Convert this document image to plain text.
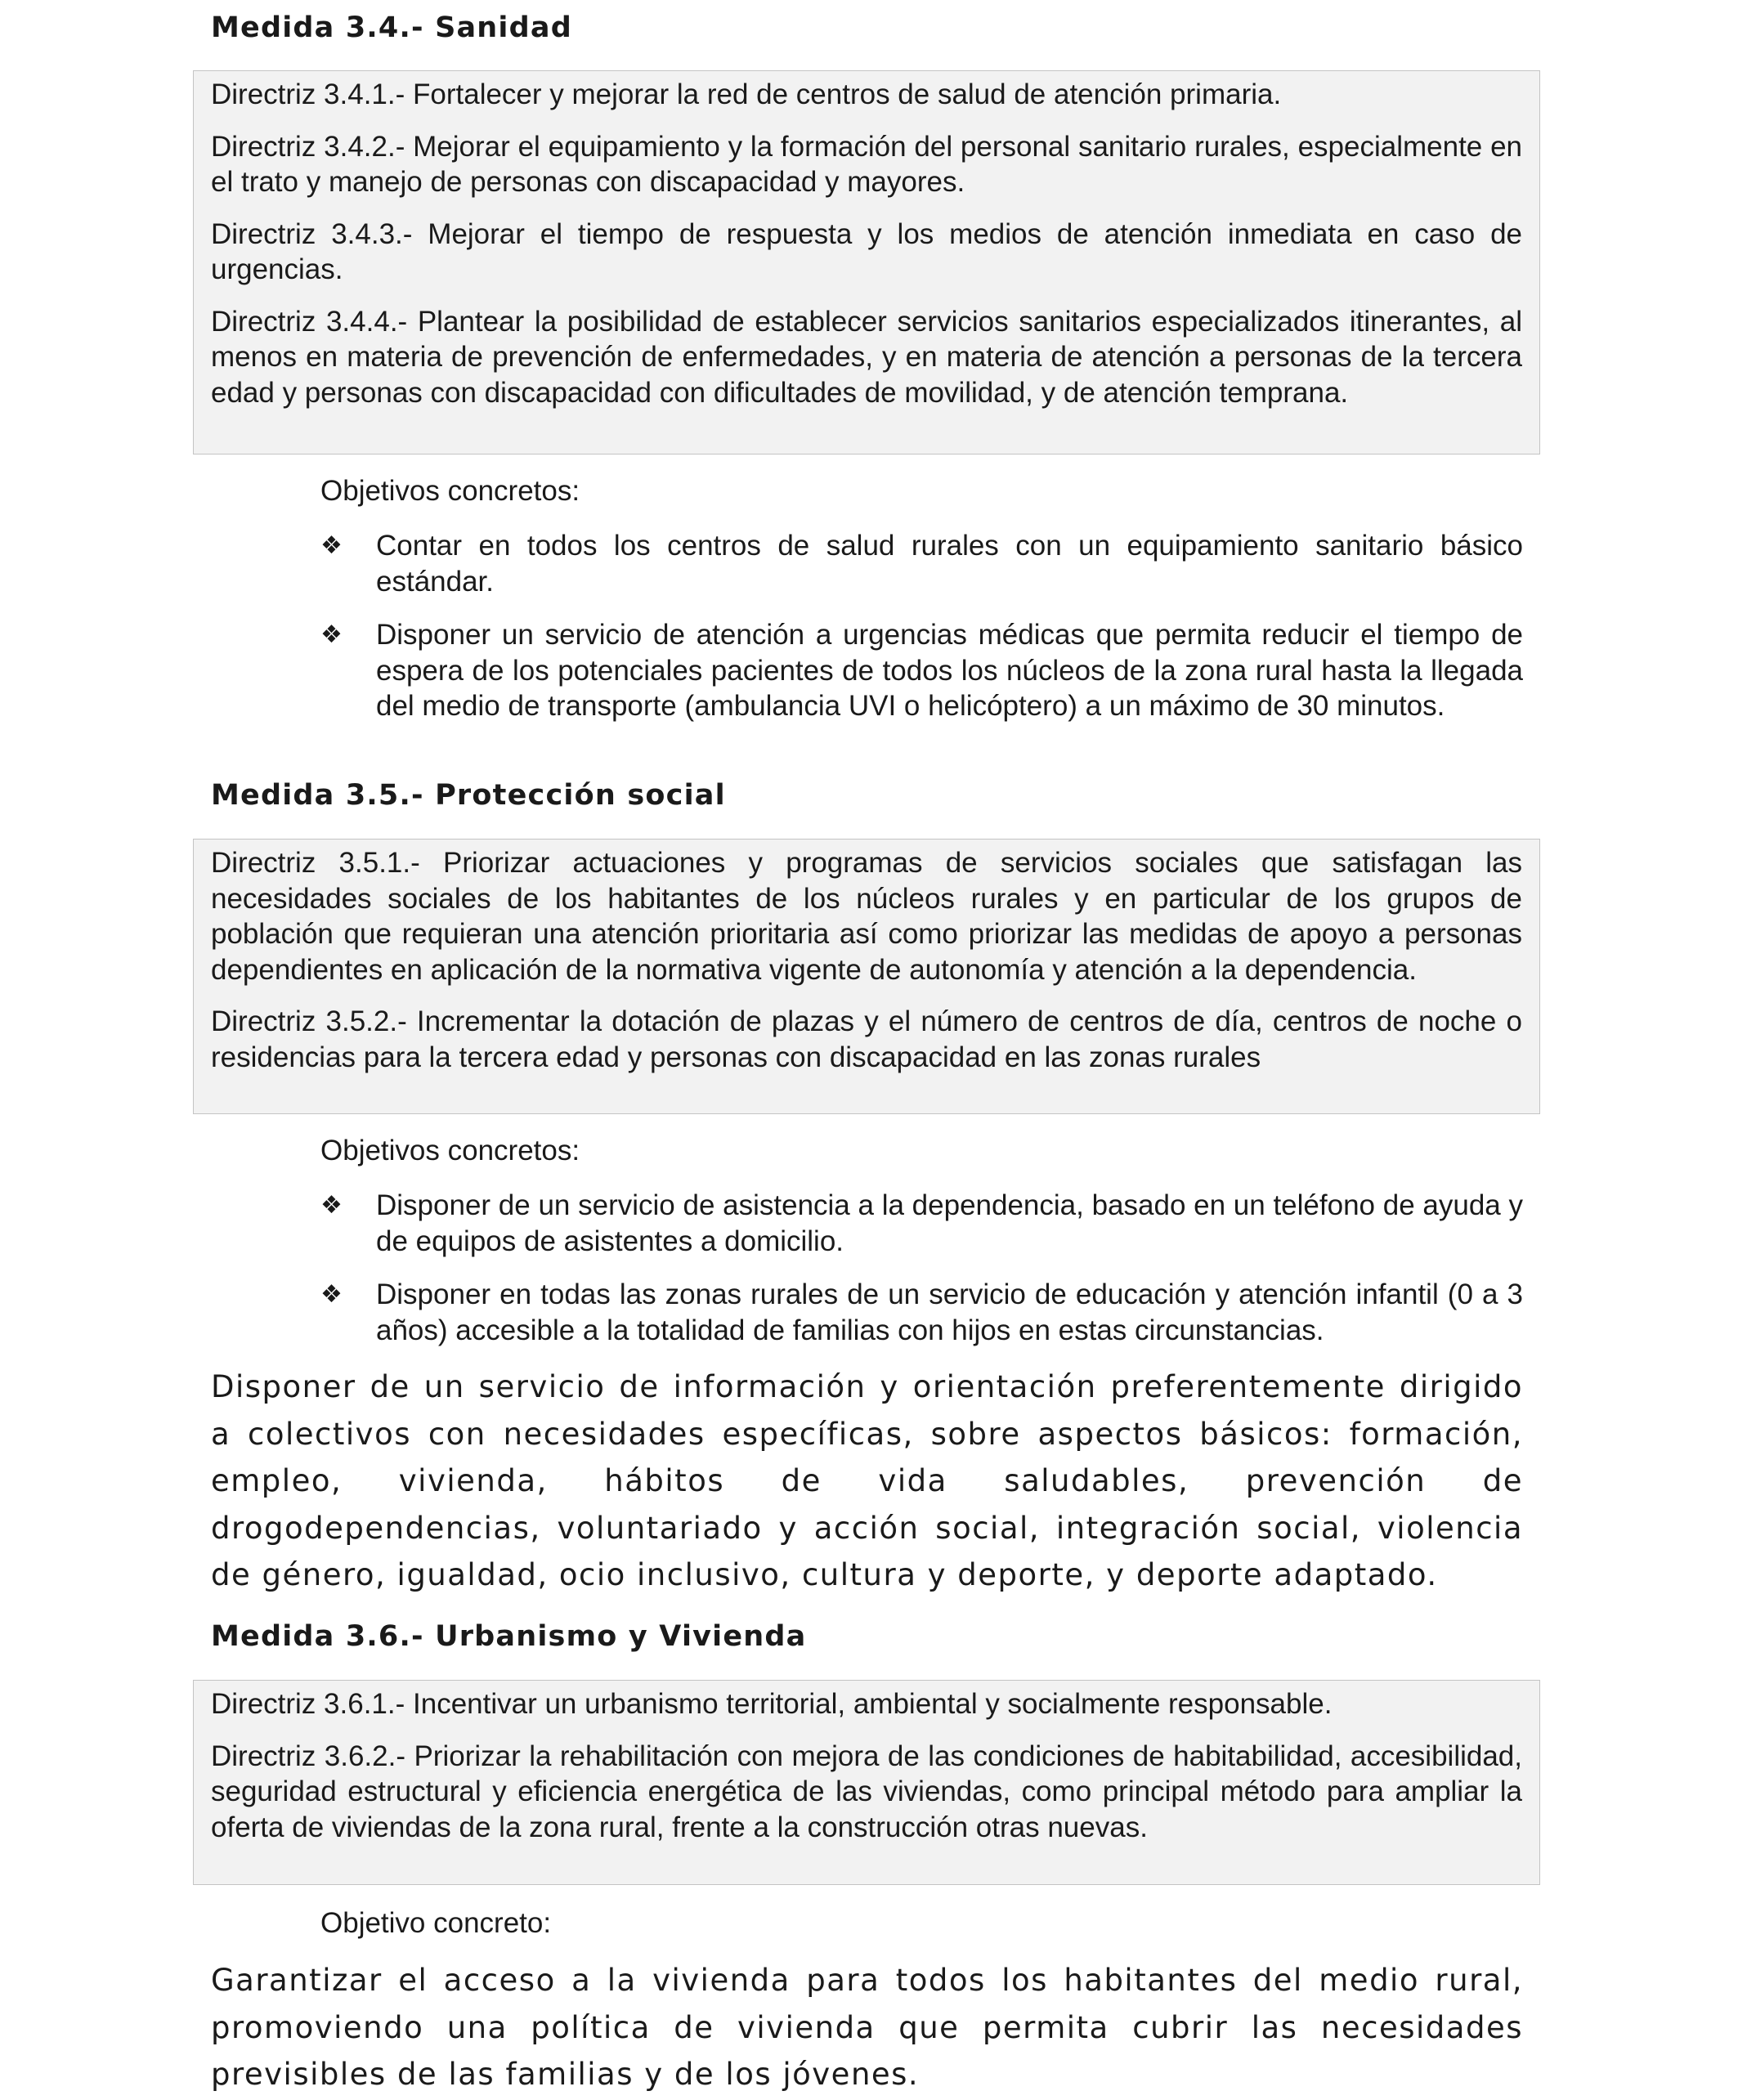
Medida 3.4.- Sanidad

Directriz 3.4.1.- Fortalecer y mejorar la red de centros de salud de atención primaria.

Directriz 3.4.2.- Mejorar el equipamiento y la formación del personal sanitario rurales, especialmente en el trato y manejo de personas con discapacidad y mayores.

Directriz 3.4.3.- Mejorar el tiempo de respuesta y los medios de atención inmediata en caso de urgencias.

Directriz 3.4.4.- Plantear la posibilidad de establecer servicios sanitarios especializados itinerantes, al menos en materia de prevención de enfermedades, y en materia de atención a personas de la tercera edad y personas con discapacidad con dificultades de movilidad, y de atención temprana.

Objetivos concretos:
❖	Contar en todos los centros de salud rurales con un equipamiento sanitario básico estándar.
❖	Disponer un servicio de atención a urgencias médicas que permita reducir el tiempo de espera de los potenciales pacientes de todos los núcleos de la zona rural hasta la llegada del medio de transporte (ambulancia UVI o helicóptero) a un máximo de 30 minutos.
Medida 3.5.- Protección social

Directriz 3.5.1.- Priorizar actuaciones y programas de servicios sociales que satisfagan las necesidades sociales de los habitantes de los núcleos rurales y en particular de los grupos de población que requieran una atención prioritaria así como priorizar las medidas de apoyo a personas dependientes en aplicación de la normativa vigente de autonomía y atención a la dependencia.

Directriz 3.5.2.- Incrementar la dotación de plazas y el número de centros de día, centros de noche o residencias para la tercera edad y personas con discapacidad en las zonas rurales

Objetivos concretos:
❖	Disponer de un servicio de asistencia a la dependencia, basado en un teléfono de ayuda y de equipos de asistentes a domicilio.
❖	Disponer en todas las zonas rurales de un servicio de educación y atención infantil (0 a 3 años) accesible a la totalidad de familias con hijos en estas circunstancias.
Disponer de un servicio de información y orientación preferentemente dirigido a colectivos con necesidades específicas, sobre aspectos básicos: formación, empleo, vivienda, hábitos de vida saludables, prevención de drogodependencias, voluntariado y acción social, integración social, violencia de género, igualdad, ocio inclusivo, cultura y deporte, y deporte adaptado.
Medida 3.6.- Urbanismo y Vivienda

Directriz 3.6.1.- Incentivar un urbanismo territorial, ambiental y socialmente responsable.

Directriz 3.6.2.- Priorizar la rehabilitación con mejora de las condiciones de habitabilidad, accesibilidad, seguridad estructural y eficiencia energética de las viviendas, como principal método para ampliar la oferta de viviendas de la zona rural, frente a la construcción otras nuevas.

Objetivo concreto:
Garantizar el acceso a la vivienda para todos los habitantes del medio rural, promoviendo una política de vivienda que permita cubrir las necesidades previsibles de las familias y de los jóvenes.
